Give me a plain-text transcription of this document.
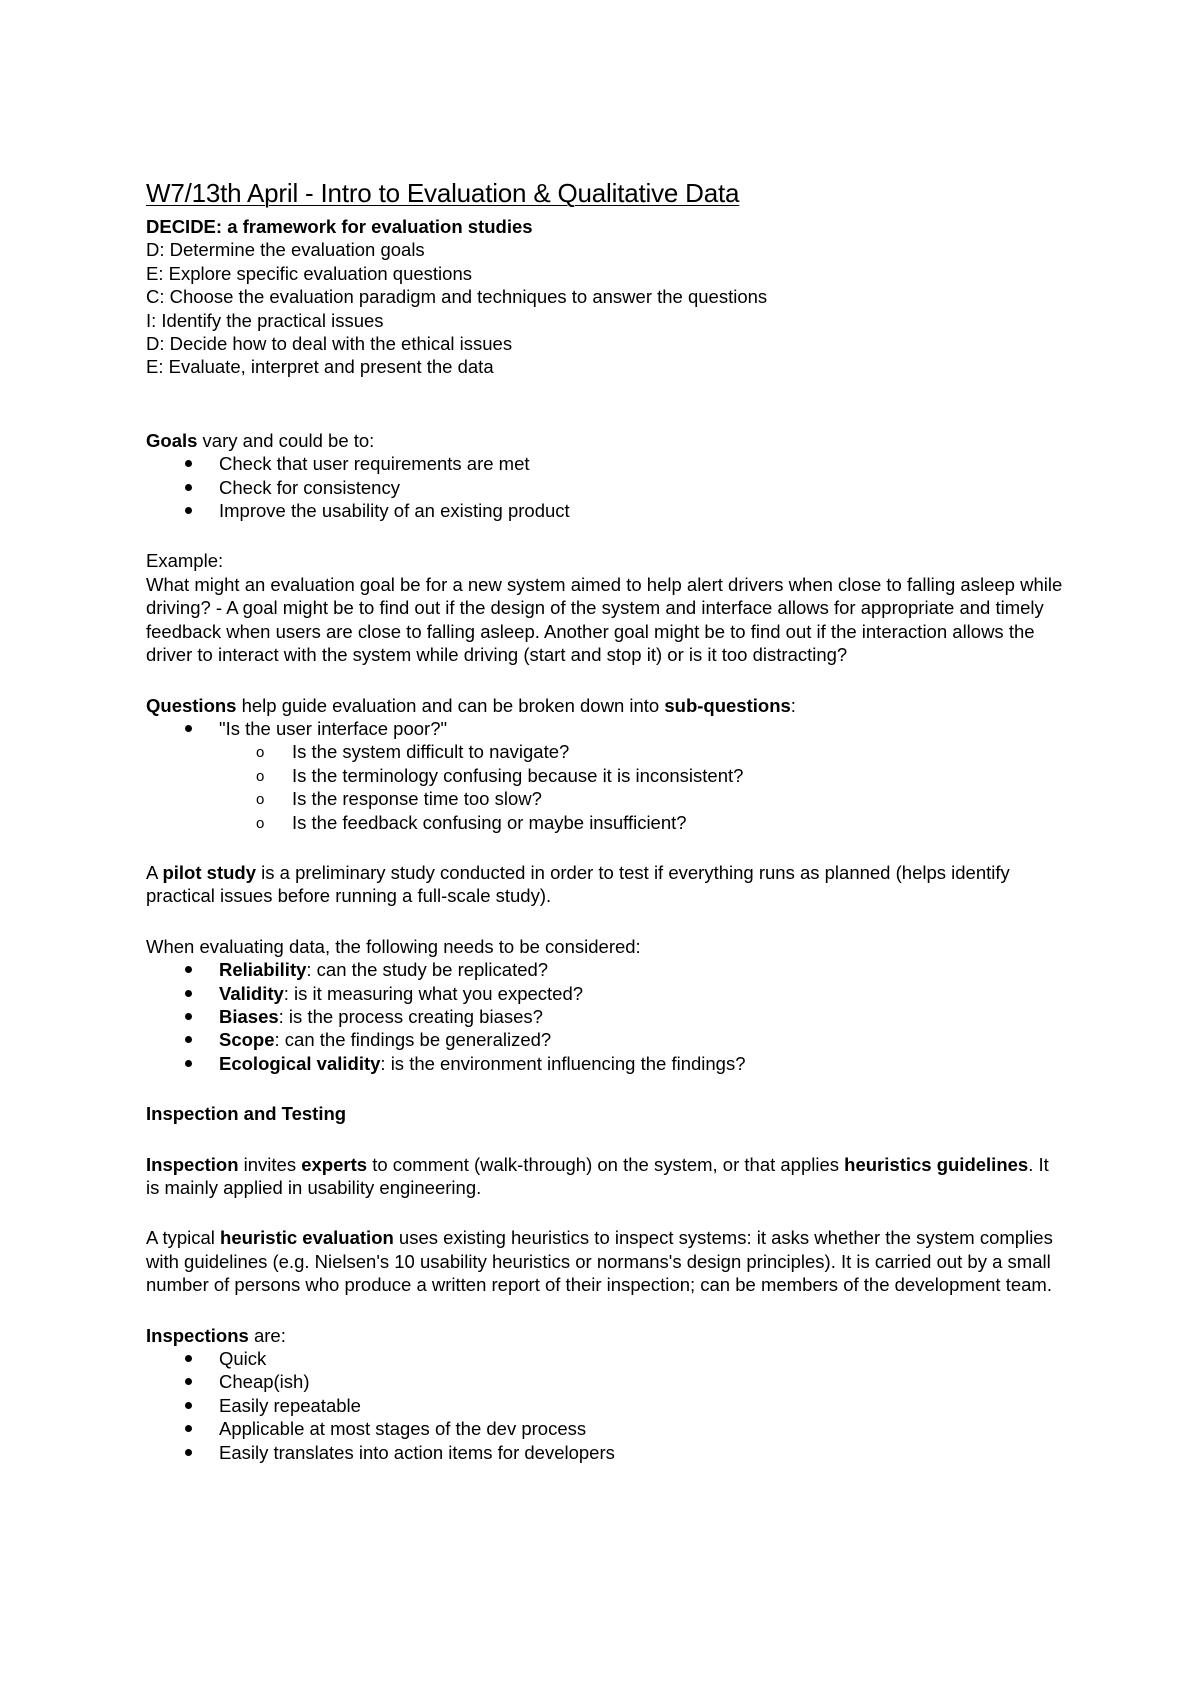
W7/13th April - Intro to Evaluation & Qualitative Data

DECIDE: a framework for evaluation studies

D: Determine the evaluation goals

E: Explore specific evaluation questions

C: Choose the evaluation paradigm and techniques to answer the questions

I: Identify the practical issues

D: Decide how to deal with the ethical issues

E: Evaluate, interpret and present the data

Goals vary and could be to:

Check that user requirements are met
Check for consistency
Improve the usability of an existing product

Example:

What might an evaluation goal be for a new system aimed to help alert drivers when close to falling asleep while driving? - A goal might be to find out if the design of the system and interface allows for appropriate and timely feedback when users are close to falling asleep. Another goal might be to find out if the interaction allows the driver to interact with the system while driving (start and stop it) or is it too distracting?

Questions help guide evaluation and can be broken down into sub-questions:

"Is the user interface poor?"
o Is the system difficult to navigate?
o Is the terminology confusing because it is inconsistent?
o Is the response time too slow?
o Is the feedback confusing or maybe insufficient?

A pilot study is a preliminary study conducted in order to test if everything runs as planned (helps identify practical issues before running a full-scale study).

When evaluating data, the following needs to be considered:

Reliability: can the study be replicated?
Validity: is it measuring what you expected?
Biases: is the process creating biases?
Scope: can the findings be generalized?
Ecological validity: is the environment influencing the findings?

Inspection and Testing

Inspection invites experts to comment (walk-through) on the system, or that applies heuristics guidelines. It is mainly applied in usability engineering.

A typical heuristic evaluation uses existing heuristics to inspect systems: it asks whether the system complies with guidelines (e.g. Nielsen's 10 usability heuristics or normans's design principles). It is carried out by a small number of persons who produce a written report of their inspection; can be members of the development team.

Inspections are:

Quick
Cheap(ish)
Easily repeatable
Applicable at most stages of the dev process
Easily translates into action items for developers
